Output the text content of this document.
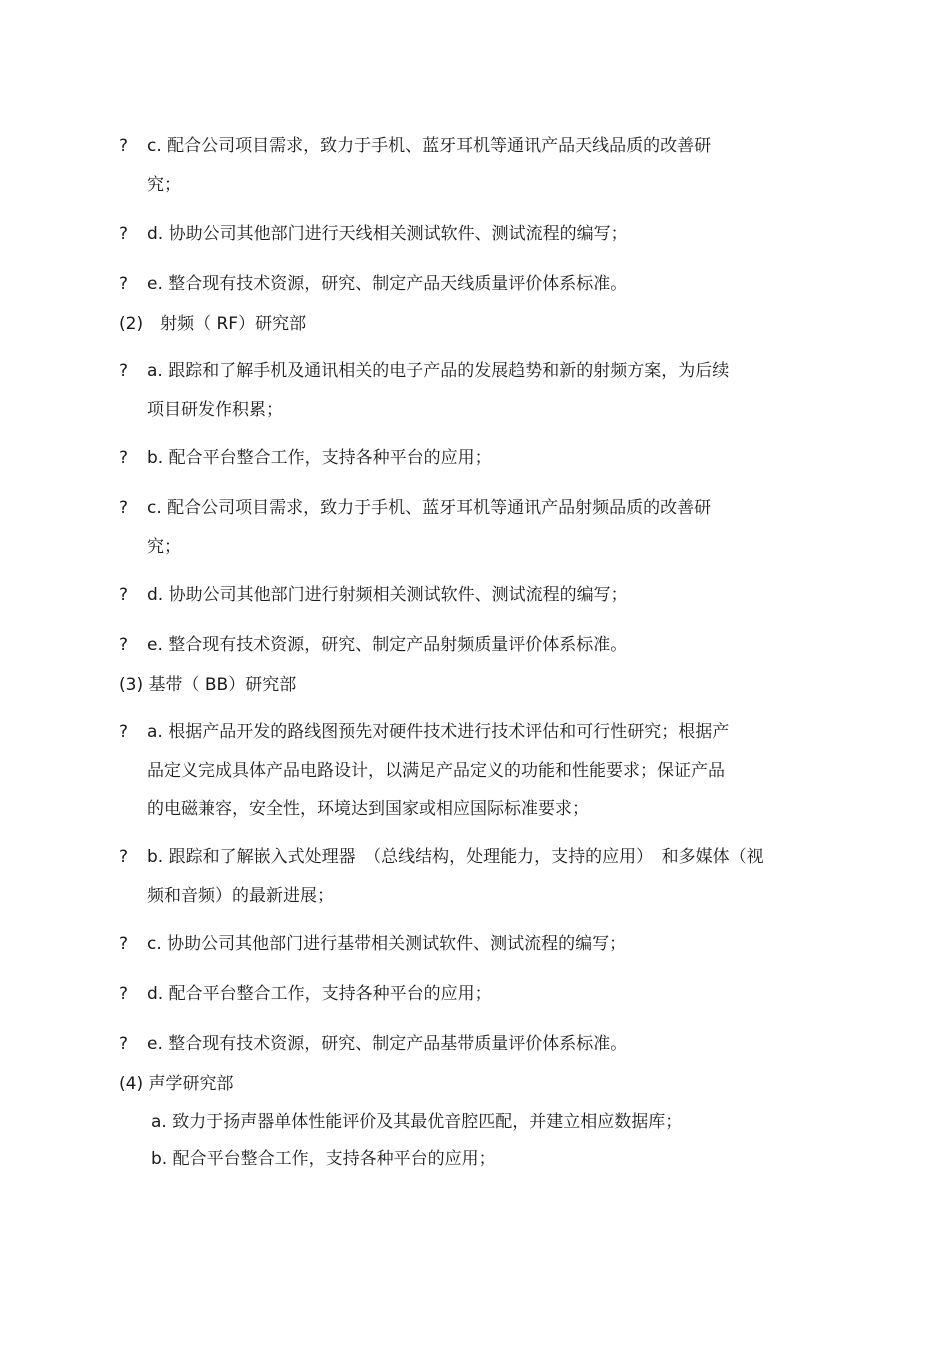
? c. 配合公司项目需求，致力于手机、蓝牙耳机等通讯产品天线品质的改善研
究；
? d. 协助公司其他部门进行天线相关测试软件、测试流程的编写；
? e. 整合现有技术资源，研究、制定产品天线质量评价体系标准。
(2)　射频（ RF）研究部
? a. 跟踪和了解手机及通讯相关的电子产品的发展趋势和新的射频方案，为后续
项目研发作积累；
? b. 配合平台整合工作，支持各种平台的应用；
? c. 配合公司项目需求，致力于手机、蓝牙耳机等通讯产品射频品质的改善研
究；
? d. 协助公司其他部门进行射频相关测试软件、测试流程的编写；
? e. 整合现有技术资源，研究、制定产品射频质量评价体系标准。
(3) 基带（ BB）研究部
? a. 根据产品开发的路线图预先对硬件技术进行技术评估和可行性研究；根据产
品定义完成具体产品电路设计，以满足产品定义的功能和性能要求；保证产品
的电磁兼容，安全性，环境达到国家或相应国际标准要求；
? b. 跟踪和了解嵌入式处理器　（总线结构，处理能力，支持的应用）　和多媒体（视
频和音频）的最新进展；
? c. 协助公司其他部门进行基带相关测试软件、测试流程的编写；
? d. 配合平台整合工作，支持各种平台的应用；
? e. 整合现有技术资源，研究、制定产品基带质量评价体系标准。
(4) 声学研究部
a. 致力于扬声器单体性能评价及其最优音腔匹配，并建立相应数据库；
b. 配合平台整合工作，支持各种平台的应用；
